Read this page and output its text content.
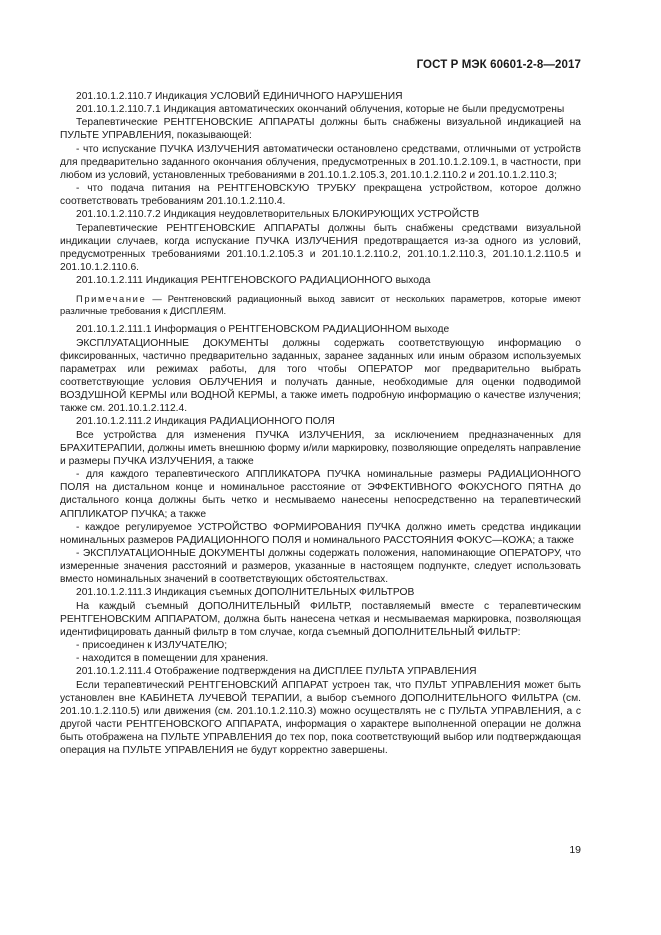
ГОСТ Р МЭК 60601-2-8—2017

201.10.1.2.110.7 Индикация УСЛОВИЙ ЕДИНИЧНОГО НАРУШЕНИЯ

201.10.1.2.110.7.1 Индикация автоматических окончаний облучения, которые не были предусмотрены

Терапевтические РЕНТГЕНОВСКИЕ АППАРАТЫ должны быть снабжены визуальной индикацией на ПУЛЬТЕ УПРАВЛЕНИЯ, показывающей:

- что испускание ПУЧКА ИЗЛУЧЕНИЯ автоматически остановлено средствами, отличными от устройств для предварительно заданного окончания облучения, предусмотренных в 201.10.1.2.109.1, в частности, при любом из условий, установленных требованиями в 201.10.1.2.105.3, 201.10.1.2.110.2 и 201.10.1.2.110.3;

- что подача питания на РЕНТГЕНОВСКУЮ ТРУБКУ прекращена устройством, которое должно соответствовать требованиям 201.10.1.2.110.4.

201.10.1.2.110.7.2 Индикация неудовлетворительных БЛОКИРУЮЩИХ УСТРОЙСТВ

Терапевтические РЕНТГЕНОВСКИЕ АППАРАТЫ должны быть снабжены средствами визуальной индикации случаев, когда испускание ПУЧКА ИЗЛУЧЕНИЯ предотвращается из-за одного из условий, предусмотренных требованиями 201.10.1.2.105.3 и 201.10.1.2.110.2, 201.10.1.2.110.3, 201.10.1.2.110.5 и 201.10.1.2.110.6.

201.10.1.2.111 Индикация РЕНТГЕНОВСКОГО РАДИАЦИОННОГО выхода

Примечание — Рентгеновский радиационный выход зависит от нескольких параметров, которые имеют различные требования к ДИСПЛЕЯМ.

201.10.1.2.111.1 Информация о РЕНТГЕНОВСКОМ РАДИАЦИОННОМ выходе

ЭКСПЛУАТАЦИОННЫЕ ДОКУМЕНТЫ должны содержать соответствующую информацию о фиксированных, частично предварительно заданных, заранее заданных или иным образом используемых параметрах или режимах работы, для того чтобы ОПЕРАТОР мог предварительно выбрать соответствующие условия ОБЛУЧЕНИЯ и получать данные, необходимые для оценки подводимой ВОЗДУШНОЙ КЕРМЫ или ВОДНОЙ КЕРМЫ, а также иметь подробную информацию о качестве излучения; также см. 201.10.1.2.112.4.

201.10.1.2.111.2 Индикация РАДИАЦИОННОГО ПОЛЯ

Все устройства для изменения ПУЧКА ИЗЛУЧЕНИЯ, за исключением предназначенных для БРАХИТЕРАПИИ, должны иметь внешнюю форму и/или маркировку, позволяющие определять направление и размеры ПУЧКА ИЗЛУЧЕНИЯ, а также

- для каждого терапевтического АППЛИКАТОРА ПУЧКА номинальные размеры РАДИАЦИОННОГО ПОЛЯ на дистальном конце и номинальное расстояние от ЭФФЕКТИВНОГО ФОКУСНОГО ПЯТНА до дистального конца должны быть четко и несмываемо нанесены непосредственно на терапевтический АППЛИКАТОР ПУЧКА; а также

- каждое регулируемое УСТРОЙСТВО ФОРМИРОВАНИЯ ПУЧКА должно иметь средства индикации номинальных размеров РАДИАЦИОННОГО ПОЛЯ и номинального РАССТОЯНИЯ ФОКУС—КОЖА; а также

- ЭКСПЛУАТАЦИОННЫЕ ДОКУМЕНТЫ должны содержать положения, напоминающие ОПЕРАТОРУ, что измеренные значения расстояний и размеров, указанные в настоящем подпункте, следует использовать вместо номинальных значений в соответствующих обстоятельствах.

201.10.1.2.111.3 Индикация съемных ДОПОЛНИТЕЛЬНЫХ ФИЛЬТРОВ

На каждый съемный ДОПОЛНИТЕЛЬНЫЙ ФИЛЬТР, поставляемый вместе с терапевтическим РЕНТГЕНОВСКИМ АППАРАТОМ, должна быть нанесена четкая и несмываемая маркировка, позволяющая идентифицировать данный фильтр в том случае, когда съемный ДОПОЛНИТЕЛЬНЫЙ ФИЛЬТР:

- присоединен к ИЗЛУЧАТЕЛЮ;

- находится в помещении для хранения.

201.10.1.2.111.4 Отображение подтверждения на ДИСПЛЕЕ ПУЛЬТА УПРАВЛЕНИЯ

Если терапевтический РЕНТГЕНОВСКИЙ АППАРАТ устроен так, что ПУЛЬТ УПРАВЛЕНИЯ может быть установлен вне КАБИНЕТА ЛУЧЕВОЙ ТЕРАПИИ, а выбор съемного ДОПОЛНИТЕЛЬНОГО ФИЛЬТРА (см. 201.10.1.2.110.5) или движения (см. 201.10.1.2.110.3) можно осуществлять не с ПУЛЬТА УПРАВЛЕНИЯ, а с другой части РЕНТГЕНОВСКОГО АППАРАТА, информация о характере выполненной операции не должна быть отображена на ПУЛЬТЕ УПРАВЛЕНИЯ до тех пор, пока соответствующий выбор или подтверждающая операция на ПУЛЬТЕ УПРАВЛЕНИЯ не будут корректно завершены.

19
